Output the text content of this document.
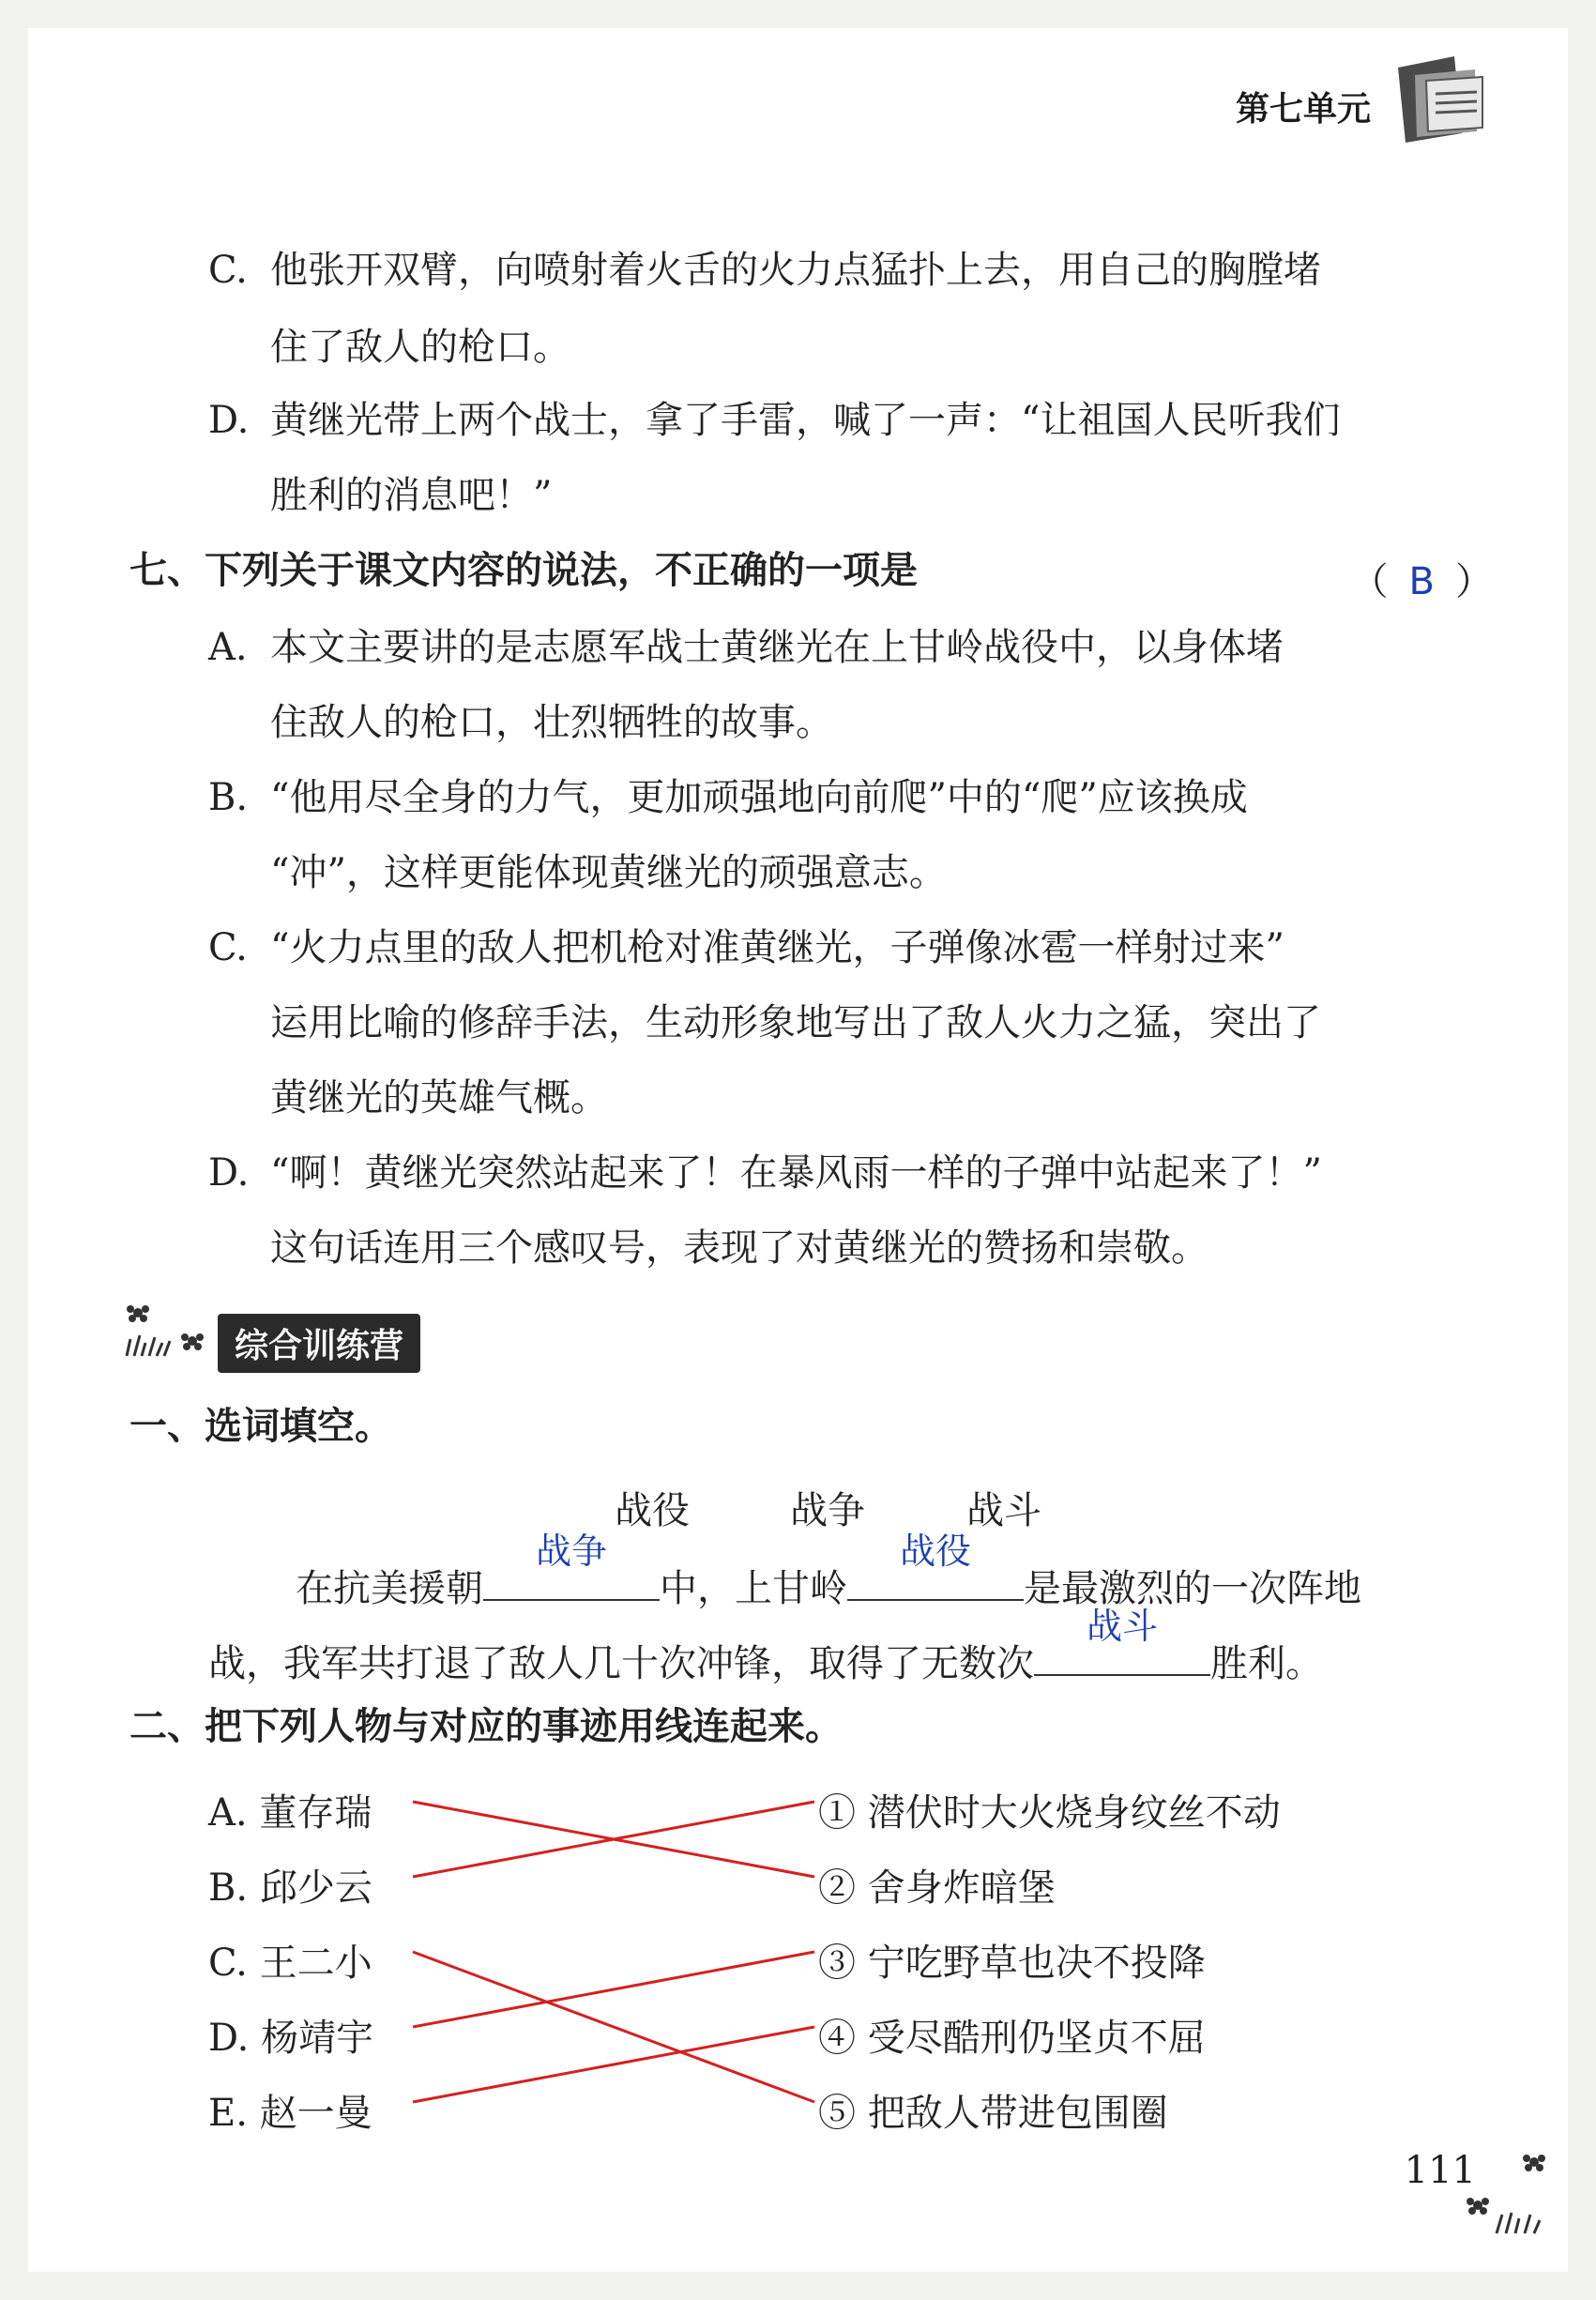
第七单元
C. 他张开双臂，向喷射着火舌的火力点猛扑上去，用自己的胸膛堵
住了敌人的枪口。
D. 黄继光带上两个战士，拿了手雷，喊了一声：“让祖国人民听我们
胜利的消息吧！”
七、下列关于课文内容的说法，不正确的一项是	（ B ）
A. 本文主要讲的是志愿军战士黄继光在上甘岭战役中，以身体堵
住敌人的枪口，壮烈牺牲的故事。
B. “他用尽全身的力气，更加顽强地向前爬”中的“爬”应该换成
“冲”，这样更能体现黄继光的顽强意志。
C. “火力点里的敌人把机枪对准黄继光，子弹像冰雹一样射过来”
运用比喻的修辞手法，生动形象地写出了敌人火力之猛，突出了
黄继光的英雄气概。
D. “啊！黄继光突然站起来了！在暴风雨一样的子弹中站起来了！”
这句话连用三个感叹号，表现了对黄继光的赞扬和崇敬。
综合训练营
一、选词填空。
战役	战争	战斗
在抗美援朝
战争
中，上甘岭
战役
是最激烈的一次阵地
战，我军共打退了敌人几十次冲锋，取得了无数次
战斗
胜利。
二、把下列人物与对应的事迹用线连起来。
A. 董存瑞
B. 邱少云
C. 王二小
D. 杨靖宇
E. 赵一曼
① 潜伏时大火烧身纹丝不动
② 舍身炸暗堡
③ 宁吃野草也决不投降
④ 受尽酷刑仍坚贞不屈
⑤ 把敌人带进包围圈
111
